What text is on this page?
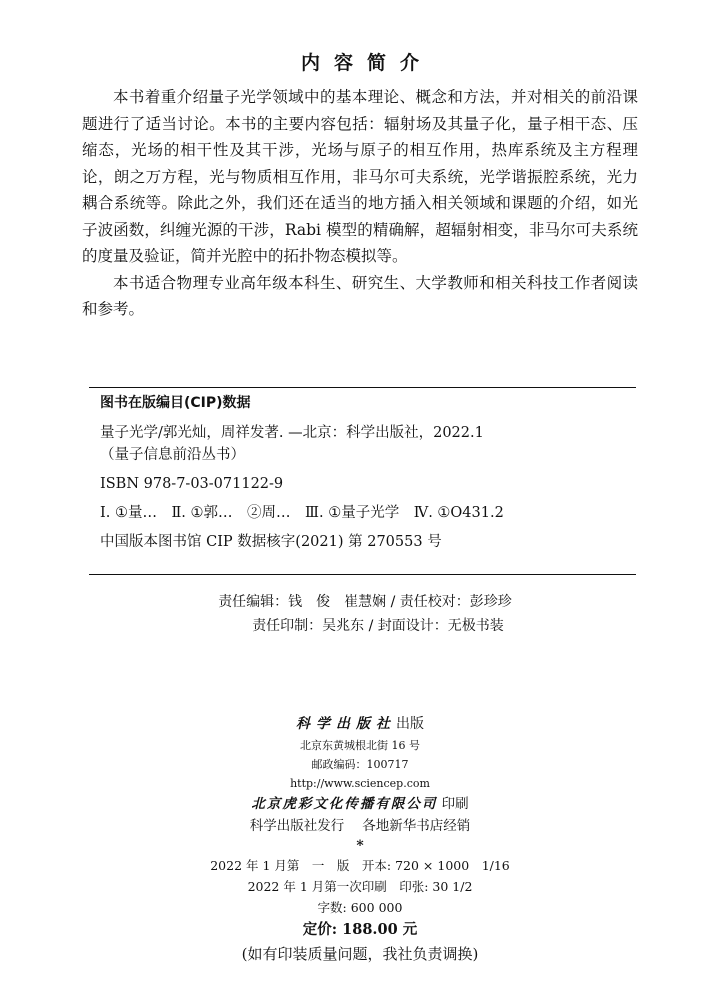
内容简介

本书着重介绍量子光学领域中的基本理论、概念和方法，并对相关的前沿课题进行了适当讨论。本书的主要内容包括：辐射场及其量子化，量子相干态、压缩态，光场的相干性及其干涉，光场与原子的相互作用，热库系统及主方程理论，朗之万方程，光与物质相互作用，非马尔可夫系统，光学谐振腔系统，光力耦合系统等。除此之外，我们还在适当的地方插入相关领域和课题的介绍，如光子波函数，纠缠光源的干涉，Rabi 模型的精确解，超辐射相变，非马尔可夫系统的度量及验证，简并光腔中的拓扑物态模拟等。

本书适合物理专业高年级本科生、研究生、大学教师和相关科技工作者阅读和参考。

图书在版编目(CIP)数据
量子光学/郭光灿，周祥发著. —北京：科学出版社，2022.1
（量子信息前沿丛书）
ISBN 978-7-03-071122-9
Ⅰ. ①量…　Ⅱ. ①郭…　②周…　Ⅲ. ①量子光学　Ⅳ. ①O431.2
中国版本图书馆 CIP 数据核字(2021) 第 270553 号
责任编辑：钱　俊　崔慧娴 / 责任校对：彭珍珍
责任印制：吴兆东 / 封面设计：无极书装
科学出版社出版
北京东黄城根北街 16 号
邮政编码：100717
http://www.sciencep.com
北京虎彩文化传播有限公司 印刷
科学出版社发行 各地新华书店经销
*
2022 年 1 月第　一　版　开本: 720 × 1000　1/16
2022 年 1 月第一次印刷　印张: 30 1/2
字数: 600 000
定价: 188.00 元
(如有印装质量问题，我社负责调换)
